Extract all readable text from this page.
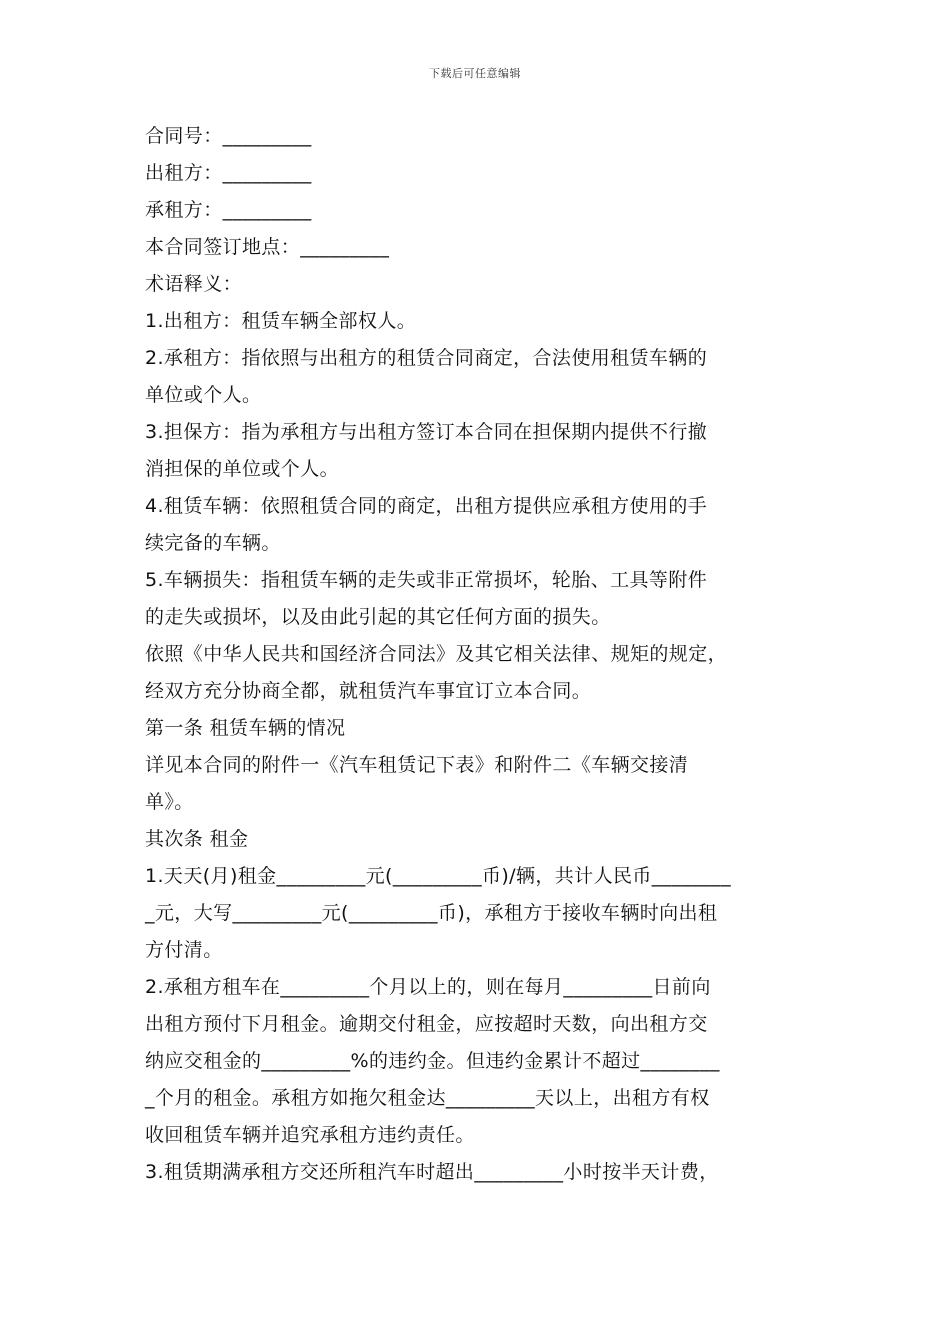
下载后可任意编辑
合同号：_________
出租方：_________
承租方：_________
本合同签订地点：_________
术语释义：
1.出租方：租赁车辆全部权人。
2.承租方：指依照与出租方的租赁合同商定，合法使用租赁车辆的
单位或个人。
3.担保方：指为承租方与出租方签订本合同在担保期内提供不行撤
消担保的单位或个人。
4.租赁车辆：依照租赁合同的商定，出租方提供应承租方使用的手
续完备的车辆。
5.车辆损失：指租赁车辆的走失或非正常损坏，轮胎、工具等附件
的走失或损坏，以及由此引起的其它任何方面的损失。
依照《中华人民共和国经济合同法》及其它相关法律、规矩的规定，
经双方充分协商全都，就租赁汽车事宜订立本合同。
第一条 租赁车辆的情况
详见本合同的附件一《汽车租赁记下表》和附件二《车辆交接清
单》。
其次条 租金
1.天天(月)租金_________元(_________币)/辆，共计人民币________
_元，大写_________元(_________币)，承租方于接收车辆时向出租
方付清。
2.承租方租车在_________个月以上的，则在每月_________日前向
出租方预付下月租金。逾期交付租金，应按超时天数，向出租方交
纳应交租金的_________%的违约金。但违约金累计不超过________
_个月的租金。承租方如拖欠租金达_________天以上，出租方有权
收回租赁车辆并追究承租方违约责任。
3.租赁期满承租方交还所租汽车时超出_________小时按半天计费，
